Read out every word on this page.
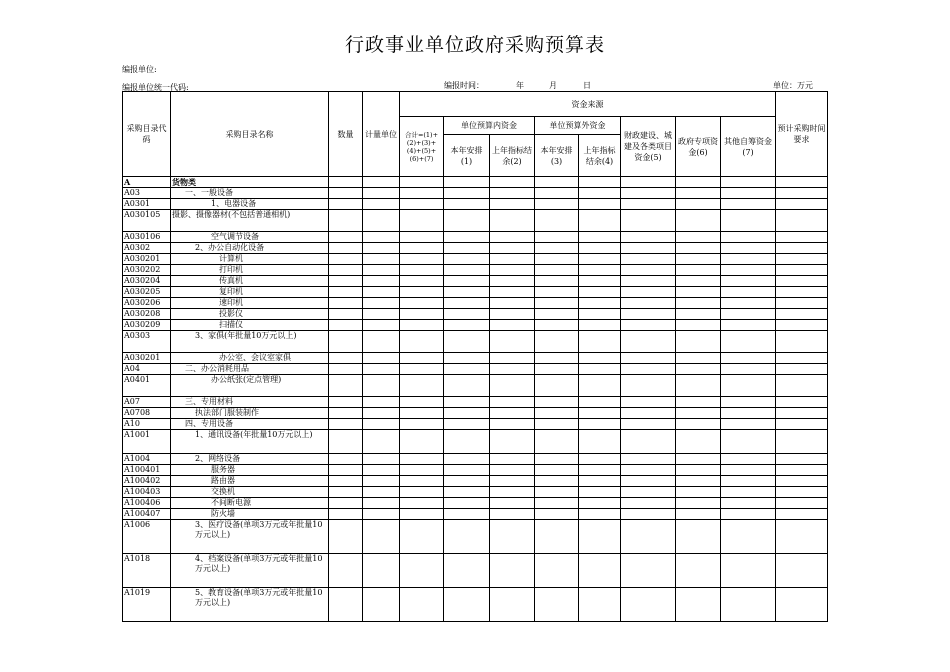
行政事业单位政府采购预算表
编报单位:
编报单位统一代码:	编报时间：	年	月	日	单位：万元
采购目录代码	采购目录名称	数量	计量单位	资金来源								预计采购时间要求
				合计=(1)+(2)+(3)+(4)+(5)+(6)+(7)	单位预算内资金		单位预算外资金		财政建设、城建及各类项目资金(5)	政府专项资金(6)	其他自筹资金(7)	
					本年安排(1)	上年指标结余(2)	本年安排(3)	上年指标结余(4)				

A	货物类											
A03	一、一般设备											
A0301	1、电器设备											
A030105	摄影、摄像器材(不包括普通相机)											
A030106	空气调节设备											
A0302	2、办公自动化设备											
A030201	计算机											
A030202	打印机											
A030204	传真机											
A030205	复印机											
A030206	速印机											
A030208	投影仪											
A030209	扫描仪											
A0303	3、家俱(年批量10万元以上)											
A030201	办公室、会议室家俱											
A04	二、办公消耗用品											
A0401	办公纸张(定点管理)											
A07	三、专用材料											
A0708	执法部门服装制作											
A10	四、专用设备											
A1001	1、通讯设备(年批量10万元以上)											
A1004	2、网络设备											
A100401	服务器											
A100402	路由器											
A100403	交换机											
A100406	不间断电源											
A100407	防火墙											
A1006	3、医疗设备(单项3万元或年批量10万元以上)											
A1018	4、档案设备(单项3万元或年批量10万元以上)											
A1019	5、教育设备(单项3万元或年批量10万元以上)											
